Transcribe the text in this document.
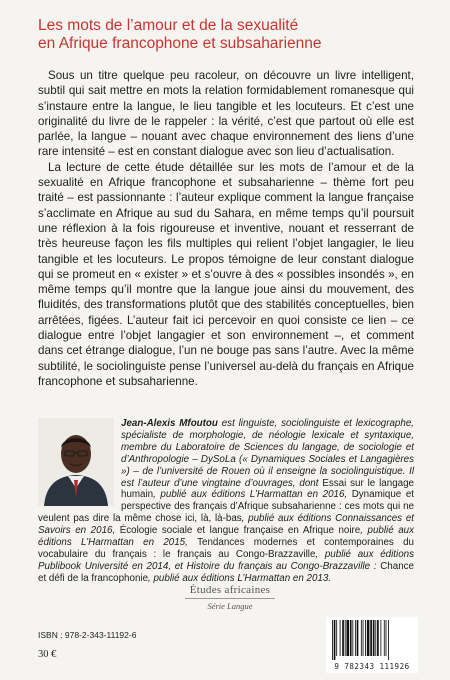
Les mots de l’amour et de la sexualité
en Afrique francophone et subsaharienne

Sous un titre quelque peu racoleur, on découvre un livre intelligent, subtil qui sait mettre en mots la relation formidablement romanesque qui s’instaure entre la langue, le lieu tangible et les locuteurs. Et c’est une originalité du livre de le rappeler : la vérité, c’est que partout où elle est parlée, la langue – nouant avec chaque environnement des liens d’une rare intensité – est en constant dialogue avec son lieu d’actualisation.

La lecture de cette étude détaillée sur les mots de l’amour et de la sexualité en Afrique francophone et subsaharienne – thème fort peu traité – est passionnante : l’auteur explique comment la langue française s’acclimate en Afrique au sud du Sahara, en même temps qu’il poursuit une réflexion à la fois rigoureuse et inventive, nouant et resserrant de très heureuse façon les fils multiples qui relient l’objet langagier, le lieu tangible et les locuteurs. Le propos témoigne de leur constant dialogue qui se promeut en « exister » et s’ouvre à des « possibles insondés », en même temps qu’il montre que la langue joue ainsi du mouvement, des fluidités, des transformations plutôt que des stabilités conceptuelles, bien arrêtées, figées. L’auteur fait ici percevoir en quoi consiste ce lien – ce dialogue entre l’objet langagier et son environnement –, et comment dans cet étrange dialogue, l’un ne bouge pas sans l’autre. Avec la même subtilité, le sociolinguiste pense l’universel au-delà du français en Afrique francophone et subsaharienne.

Jean-Alexis Mfoutou est linguiste, sociolinguiste et lexicographe, spécialiste de morphologie, de néologie lexicale et syntaxique, membre du Laboratoire de Sciences du langage, de sociologie et d’Anthropologie – DySoLa (« Dynamiques Sociales et Langagières ») – de l’université de Rouen où il enseigne la sociolinguistique. Il est l’auteur d’une vingtaine d’ouvrages, dont Essai sur le langage humain, publié aux éditions L’Harmattan en 2016, Dynamique et perspective des français d’Afrique subsaharienne : ces mots qui ne veulent pas dire la même chose ici, là, là-bas, publié aux éditions Connaissances et Savoirs en 2016, Écologie sociale et langue française en Afrique noire, publié aux éditions L’Harmattan en 2015, Tendances modernes et contemporaines du vocabulaire du français : le français au Congo-Brazzaville, publié aux éditions Publibook Université en 2014, et Histoire du français au Congo-Brazzaville : Chance et défi de la francophonie, publié aux éditions L’Harmattan en 2013.
Études africaines
Série Langue
ISBN : 978-2-343-11192-6
30 €
9 782343 111926
